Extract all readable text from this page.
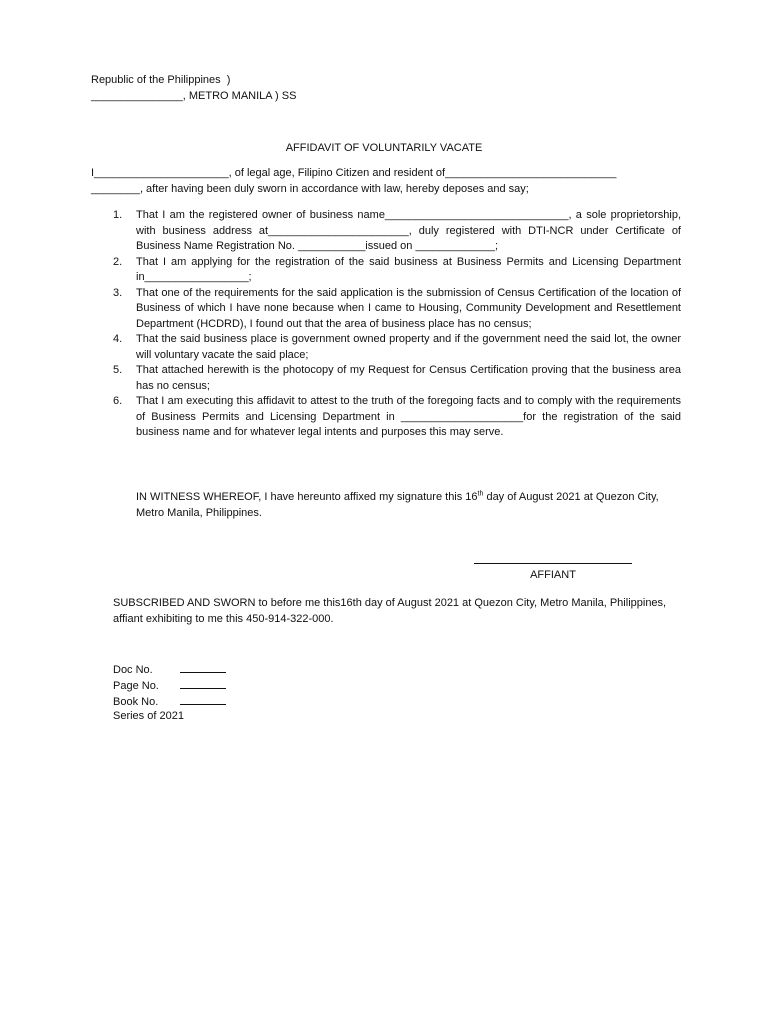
Republic of the Philippines  )
_______________, METRO MANILA ) SS
AFFIDAVIT OF VOLUNTARILY VACATE
I______________________, of legal age, Filipino Citizen and resident of____________________________
________, after having been duly sworn in accordance with law, hereby deposes and say;
1. That I am the registered owner of business name______________________________, a sole proprietorship, with business address at_______________________, duly registered with DTI-NCR under Certificate of Business Name Registration No. ___________issued on _____________;
2. That I am applying for the registration of the said business at Business Permits and Licensing Department in_________________;
3. That one of the requirements for the said application is the submission of Census Certification of the location of Business of which I have none because when I came to Housing, Community Development and Resettlement Department (HCDRD), I found out that the area of business place has no census;
4. That the said business place is government owned property and if the government need the said lot, the owner will voluntary vacate the said place;
5. That attached herewith is the photocopy of my Request for Census Certification proving that the business area has no census;
6. That I am executing this affidavit to attest to the truth of the foregoing facts and to comply with the requirements of Business Permits and Licensing Department in ____________________for the registration of the said business name and for whatever legal intents and purposes this may serve.
IN WITNESS WHEREOF, I have hereunto affixed my signature this 16th day of August 2021 at Quezon City, Metro Manila, Philippines.
AFFIANT
SUBSCRIBED AND SWORN to before me this16th day of August 2021 at Quezon City, Metro Manila, Philippines, affiant exhibiting to me this 450-914-322-000.
Doc No.
Page No.
Book No.
Series of 2021
